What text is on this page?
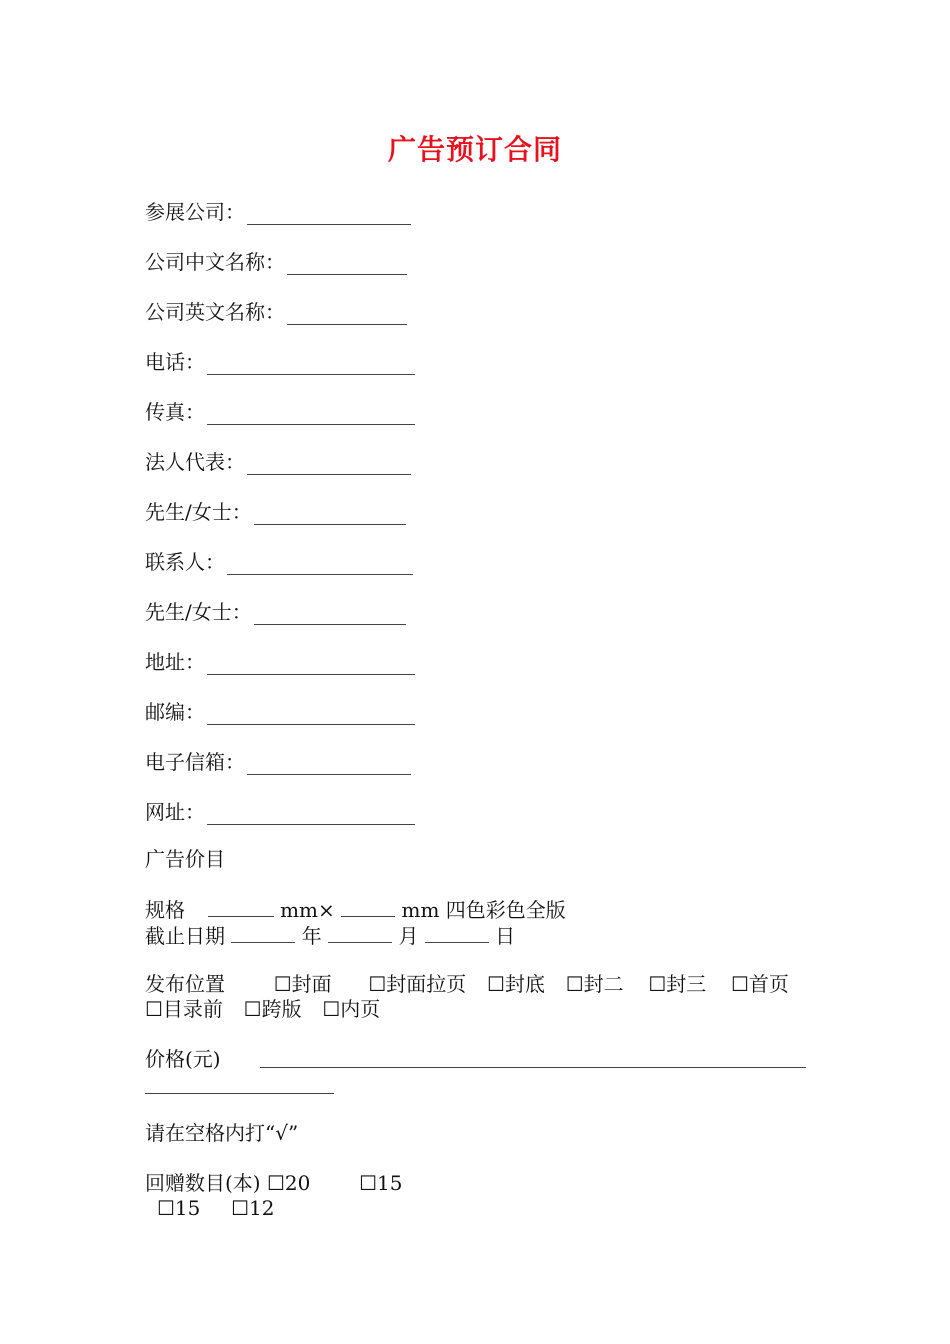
广告预订合同
参展公司：
公司中文名称：
公司英文名称：
电话：
传真：
法人代表：
先生/女士：
联系人：
先生/女士：
地址：
邮编：
电子信箱：
网址：
广告价目
规格	mm×	mm 四色彩色全版
截止日期	年	月	日
发布位置 ☐封面 ☐封面拉页 ☐封底 ☐封二 ☐封三 ☐首页
☐目录前 ☐跨版 ☐内页
价格(元)
请在空格内打“√”
回赠数目(本) ☐20 ☐15
☐15 ☐12
